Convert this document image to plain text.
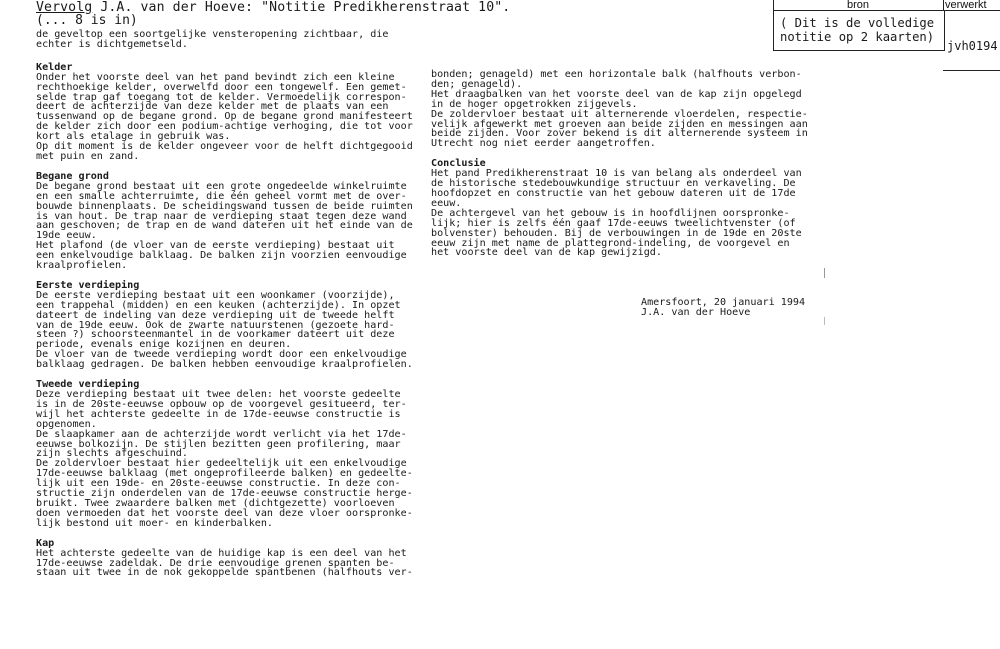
bron	verwerkt
( Dit is de volledige
notitie op 2 kaarten)
jvh0194
Vervolg J.A. van der Hoeve: "Notitie Predikherenstraat 10".
(... 8 is in)
de geveltop een soortgelijke vensteropening zichtbaar, die
echter is dichtgemetseld.
Kelder
Onder het voorste deel van het pand bevindt zich een kleine
rechthoekige kelder, overwelfd door een tongewelf. Een gemet-
selde trap gaf toegang tot de kelder. Vermoedelijk correspon-
deert de achterzijde van deze kelder met de plaats van een
tussenwand op de begane grond. Op de begane grond manifesteert
de kelder zich door een podium-achtige verhoging, die tot voor
kort als etalage in gebruik was.
Op dit moment is de kelder ongeveer voor de helft dichtgegooid
met puin en zand.
Begane grond
De begane grond bestaat uit een grote ongedeelde winkelruimte
en een smalle achterruimte, die één geheel vormt met de over-
bouwde binnenplaats. De scheidingswand tussen de beide ruimten
is van hout. De trap naar de verdieping staat tegen deze wand
aan geschoven; de trap en de wand dateren uit het einde van de
19de eeuw.
Het plafond (de vloer van de eerste verdieping) bestaat uit
een enkelvoudige balklaag. De balken zijn voorzien eenvoudige
kraalprofielen.
Eerste verdieping
De eerste verdieping bestaat uit een woonkamer (voorzijde),
een trappehal (midden) en een keuken (achterzijde). In opzet
dateert de indeling van deze verdieping uit de tweede helft
van de 19de eeuw. Ook de zwarte natuurstenen (gezoete hard-
steen ?) schoorsteenmantel in de voorkamer dateert uit deze
periode, evenals enige kozijnen en deuren.
De vloer van de tweede verdieping wordt door een enkelvoudige
balklaag gedragen. De balken hebben eenvoudige kraalprofielen.
Tweede verdieping
Deze verdieping bestaat uit twee delen: het voorste gedeelte
is in de 20ste-eeuwse opbouw op de voorgevel gesitueerd, ter-
wijl het achterste gedeelte in de 17de-eeuwse constructie is
opgenomen.
De slaapkamer aan de achterzijde wordt verlicht via het 17de-
eeuwse bolkozijn. De stijlen bezitten geen profilering, maar
zijn slechts afgeschuind.
De zoldervloer bestaat hier gedeeltelijk uit een enkelvoudige
17de-eeuwse balklaag (met ongeprofileerde balken) en gedeelte-
lijk uit een 19de- en 20ste-eeuwse constructie. In deze con-
structie zijn onderdelen van de 17de-eeuwse constructie herge-
bruikt. Twee zwaardere balken met (dichtgezette) voorloeven
doen vermoeden dat het voorste deel van deze vloer oorspronke-
lijk bestond uit moer- en kinderbalken.
Kap
Het achterste gedeelte van de huidige kap is een deel van het
17de-eeuwse zadeldak. De drie eenvoudige grenen spanten be-
staan uit twee in de nok gekoppelde spantbenen (halfhouts ver-
bonden; genageld) met een horizontale balk (halfhouts verbon-
den; genageld).
Het draagbalken van het voorste deel van de kap zijn opgelegd
in de hoger opgetrokken zijgevels.
De zoldervloer bestaat uit alternerende vloerdelen, respectie-
velijk afgewerkt met groeven aan beide zijden en messingen aan
beide zijden. Voor zover bekend is dit alternerende systeem in
Utrecht nog niet eerder aangetroffen.
Conclusie
Het pand Predikherenstraat 10 is van belang als onderdeel van
de historische stedebouwkundige structuur en verkaveling. De
hoofdopzet en constructie van het gebouw dateren uit de 17de
eeuw.
De achtergevel van het gebouw is in hoofdlijnen oorspronke-
lijk; hier is zelfs één gaaf 17de-eeuws tweelichtvenster (of
bolvenster) behouden. Bij de verbouwingen in de 19de en 20ste
eeuw zijn met name de plattegrond-indeling, de voorgevel en
het voorste deel van de kap gewijzigd.
Amersfoort, 20 januari 1994
J.A. van der Hoeve
